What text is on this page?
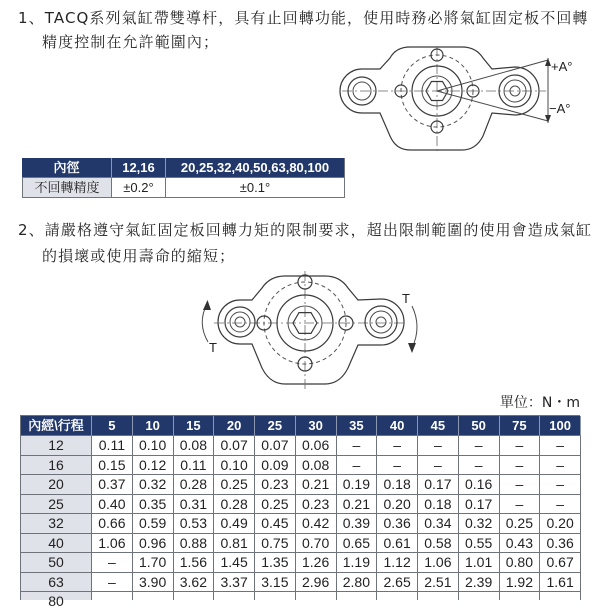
1、TACQ系列氣缸帶雙導杆，具有止回轉功能，使用時務必將氣缸固定板不回轉
精度控制在允許範圍內；
+A°
−A°
內徑	12,16	20,25,32,40,50,63,80,100
不回轉精度	±0.2°	±0.1°
2、請嚴格遵守氣缸固定板回轉力矩的限制要求，超出限制範圍的使用會造成氣缸
的損壞或使用壽命的縮短；
T
T
單位：N・m
內經\行程	5	10	15	20	25	30	35	40	45	50	75	100
12	0.11	0.10 0.08 0.07 0.07 0.06	–	–	–	–	–	–
16	0.15 0.12	0.11	0.10 0.09 0.08	–	–	–	–	–	–
20	0.37 0.32 0.28 0.25 0.23 0.21 0.19 0.18 0.17 0.16	–	–
25	0.40 0.35 0.31 0.28 0.25 0.23 0.21 0.20 0.18 0.17	–	–
32	0.66 0.59 0.53 0.49 0.45 0.42 0.39 0.36 0.34 0.32 0.25 0.20
40	1.06 0.96 0.88 0.81 0.75 0.70 0.65 0.61 0.58 0.55 0.43 0.36
50	–	1.70 1.56 1.45 1.35 1.26 1.19 1.12 1.06 1.01 0.80 0.67
63	–	3.90 3.62 3.37 3.15 2.96 2.80 2.65 2.51 2.39 1.92 1.61
80
